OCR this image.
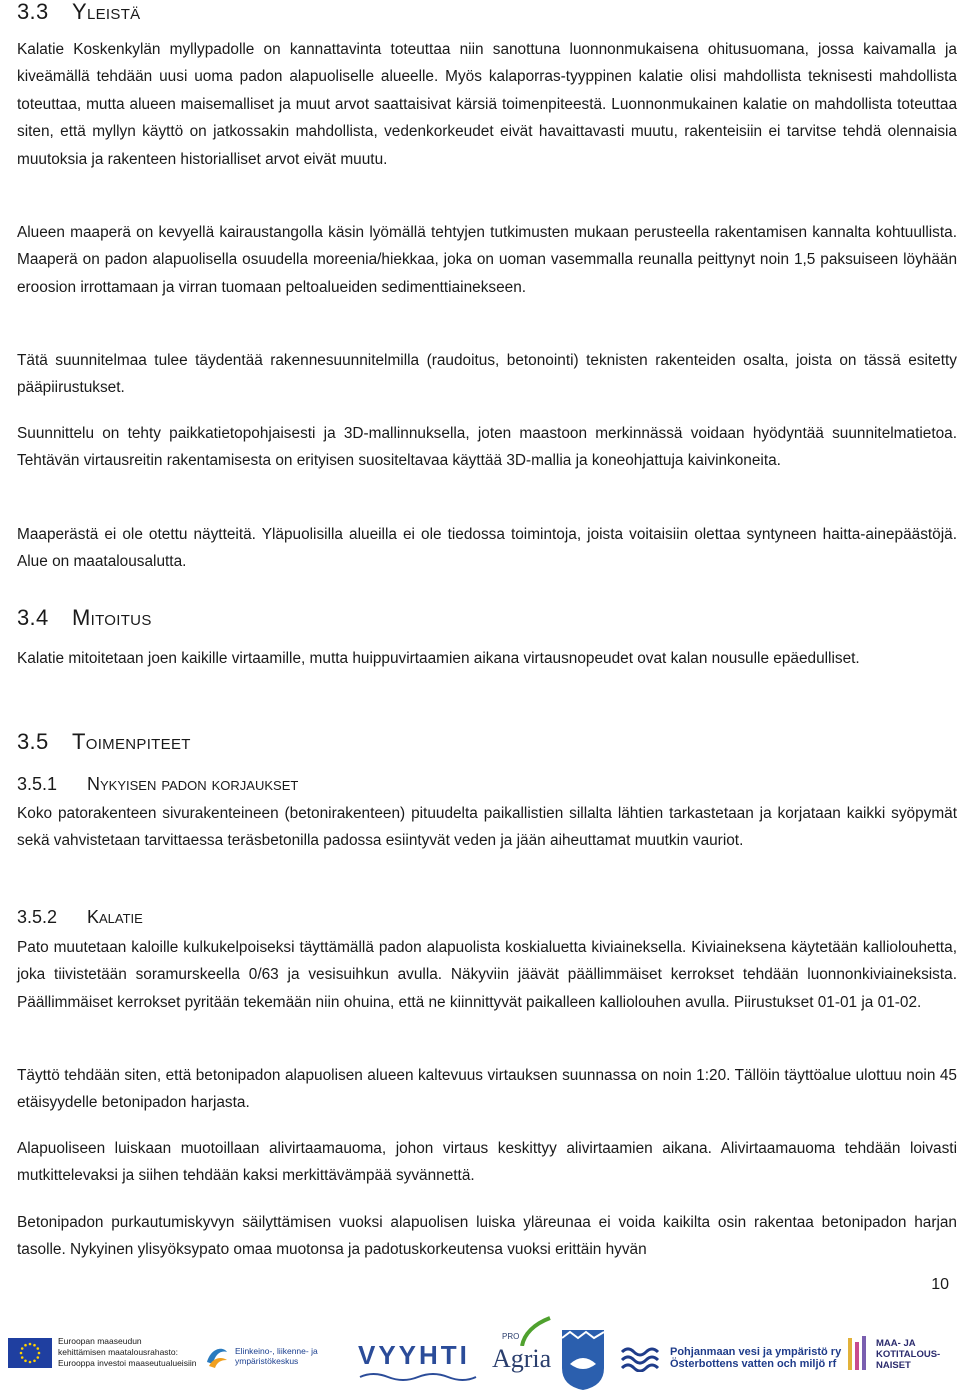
3.3 Yleistä

Kalatie Koskenkylän myllypadolle on kannattavinta toteuttaa niin sanottuna luonnonmukaisena ohitusuomana, jossa kaivamalla ja kiveämällä tehdään uusi uoma padon alapuoliselle alueelle. Myös kalaporras-tyyppinen kalatie olisi mahdollista teknisesti mahdollista toteuttaa, mutta alueen maisemalliset ja muut arvot saattaisivat kärsiä toimenpiteestä. Luonnonmukainen kalatie on mahdollista toteuttaa siten, että myllyn käyttö on jatkossakin mahdollista, vedenkorkeudet eivät havaittavasti muutu, rakenteisiin ei tarvitse tehdä olennaisia muutoksia ja rakenteen historialliset arvot eivät muutu.

Alueen maaperä on kevyellä kairaustangolla käsin lyömällä tehtyjen tutkimusten mukaan perusteella rakentamisen kannalta kohtuullista. Maaperä on padon alapuolisella osuudella moreenia/hiekkaa, joka on uoman vasemmalla reunalla peittynyt noin 1,5 paksuiseen löyhään eroosion irrottamaan ja virran tuomaan peltoalueiden sedimenttiainekseen.

Tätä suunnitelmaa tulee täydentää rakennesuunnitelmilla (raudoitus, betonointi) teknisten rakenteiden osalta, joista on tässä esitetty pääpiirustukset.

Suunnittelu on tehty paikkatietopohjaisesti ja 3D-mallinnuksella, joten maastoon merkinnässä voidaan hyödyntää suunnitelmatietoa. Tehtävän virtausreitin rakentamisesta on erityisen suositeltavaa käyttää 3D-mallia ja koneohjattuja kaivinkoneita.

Maaperästä ei ole otettu näytteitä. Yläpuolisilla alueilla ei ole tiedossa toimintoja, joista voitaisiin olettaa syntyneen haitta-ainepäästöjä. Alue on maatalousalutta.

3.4 Mitoitus

Kalatie mitoitetaan joen kaikille virtaamille, mutta huippuvirtaamien aikana virtausnopeudet ovat kalan nousulle epäedulliset.

3.5 Toimenpiteet
3.5.1 Nykyisen padon korjaukset

Koko patorakenteen sivurakenteineen (betonirakenteen) pituudelta paikallistien sillalta lähtien tarkastetaan ja korjataan kaikki syöpymät sekä vahvistetaan tarvittaessa teräsbetonilla padossa esiintyvät veden ja jään aiheuttamat muutkin vauriot.

3.5.2 Kalatie

Pato muutetaan kaloille kulkukelpoiseksi täyttämällä padon alapuolista koskialuetta kiviaineksella. Kiviaineksena käytetään kalliolouhetta, joka tiivistetään soramurskeella 0/63 ja vesisuihkun avulla. Näkyviin jäävät päällimmäiset kerrokset tehdään luonnonkiviaineksista. Päällimmäiset kerrokset pyritään tekemään niin ohuina, että ne kiinnittyvät paikalleen kalliolouhen avulla. Piirustukset 01-01 ja 01-02.

Täyttö tehdään siten, että betonipadon alapuolisen alueen kaltevuus virtauksen suunnassa on noin 1:20. Tällöin täyttöalue ulottuu noin 45 etäisyydelle betonipadon harjasta.

Alapuoliseen luiskaan muotoillaan alivirtaamauoma, johon virtaus keskittyy alivirtaamien aikana. Alivirtaamauoma tehdään loivasti mutkittelevaksi ja siihen tehdään kaksi merkittävämpää syvännettä.

Betonipadon purkautumiskyvyn säilyttämisen vuoksi alapuolisen luiska yläreunaa ei voida kaikilta osin rakentaa betonipadon harjan tasolle. Nykyinen ylisyöksypato omaa muotonsa ja padotuskorkeutensa vuoksi erittäin hyvän

10
Euroopan maaseudun
kehittämisen maatalousrahasto:
Eurooppa investoi maaseutualueisiin
Elinkeino-, liikenne- ja
ympäristökeskus	VYYHTI
PRO
Agria	Pohjanmaan vesi ja ympäristö ry
Österbottens vatten och miljö rf
MAA- JA
KOTITALOUS-
NAISET
